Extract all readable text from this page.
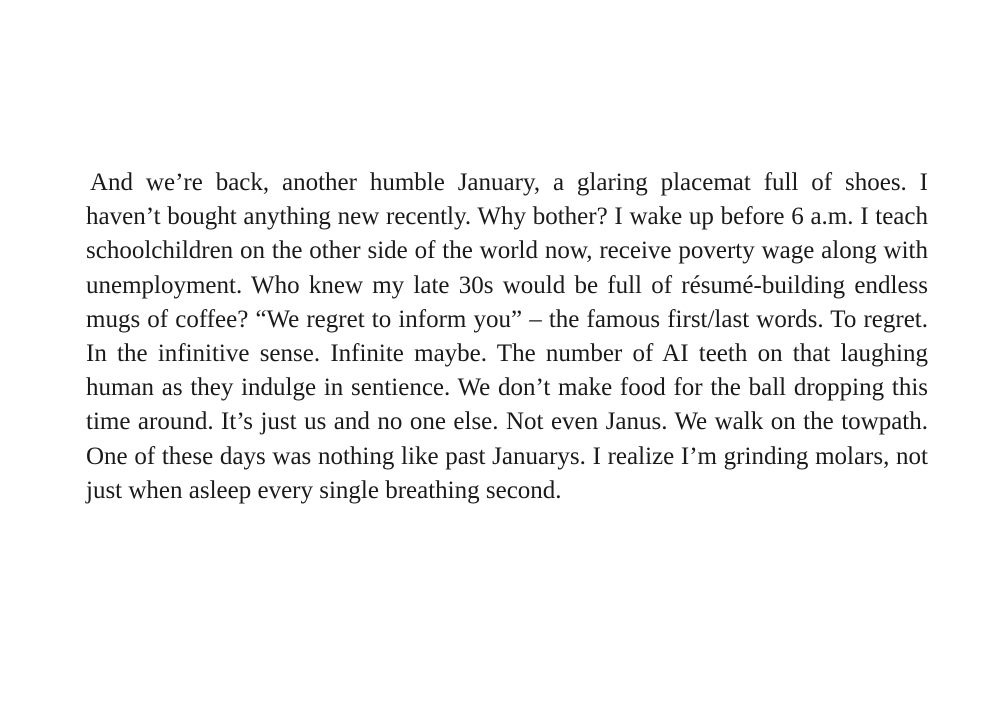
And we’re back, another humble January, a glaring placemat full of shoes. I haven’t bought anything new recently. Why bother? I wake up before 6 a.m. I teach schoolchildren on the other side of the world now, receive poverty wage along with unemployment. Who knew my late 30s would be full of résumé-building endless mugs of coffee? “We regret to inform you” – the famous first/last words. To regret. In the infinitive sense. Infinite maybe. The number of AI teeth on that laughing human as they indulge in sentience. We don’t make food for the ball dropping this time around. It’s just us and no one else. Not even Janus. We walk on the towpath. One of these days was nothing like past Januarys. I realize I’m grinding molars, not just when asleep every single breathing second.
